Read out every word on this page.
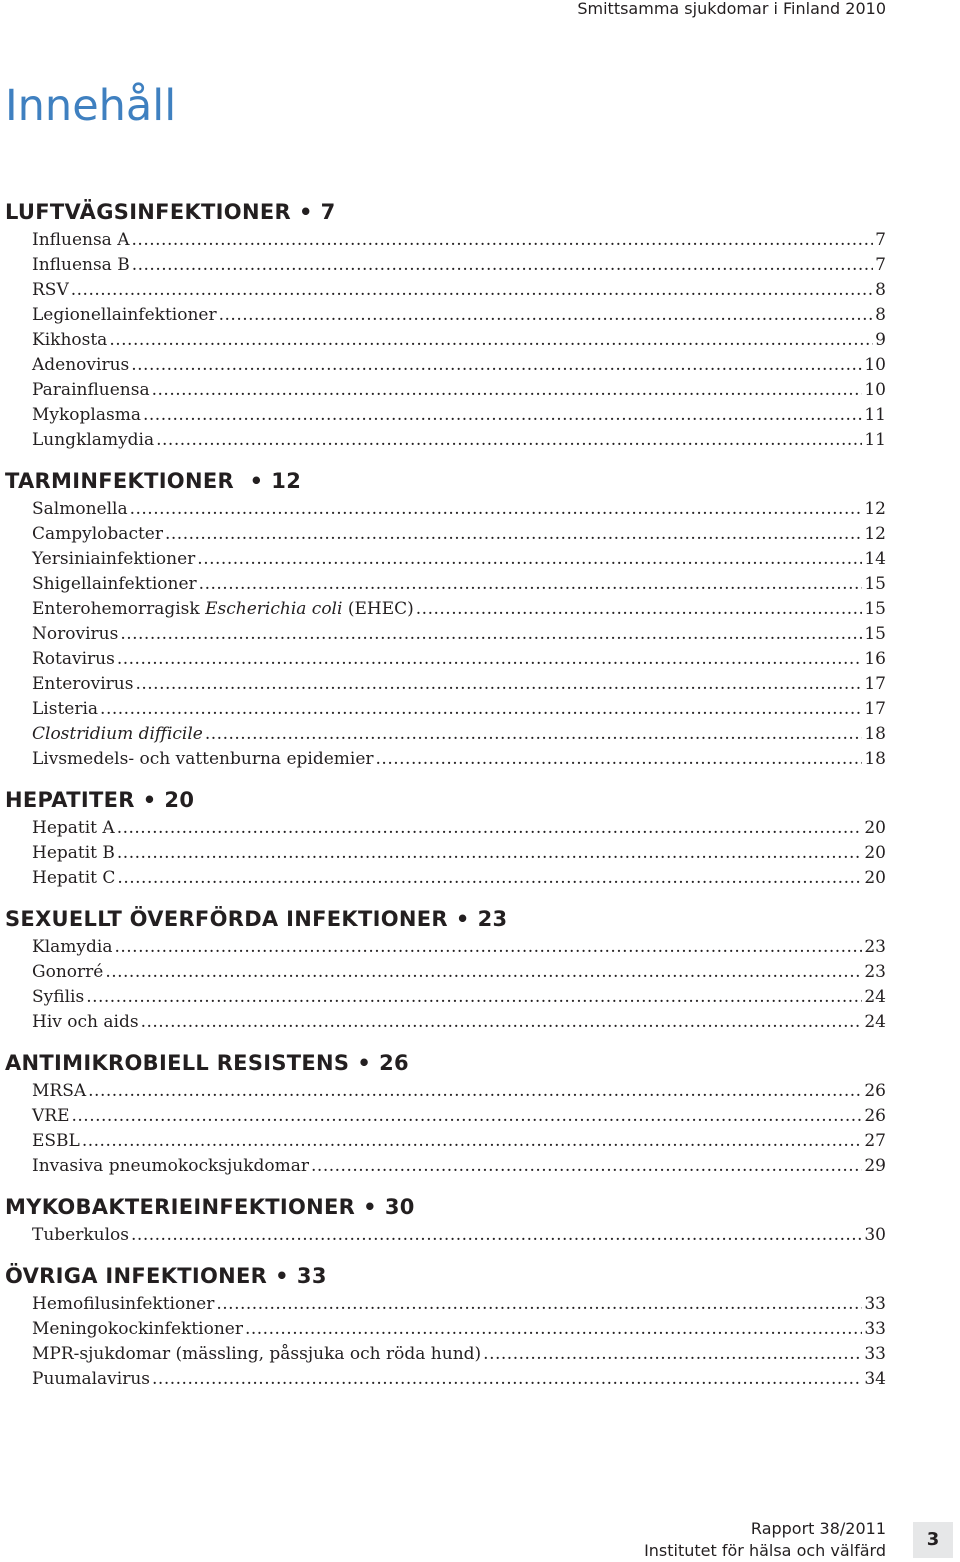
Smittsamma sjukdomar i Finland 2010
Innehåll
LUFTVÄGSINFEKTIONER • 7
Influensa A .....	7
Influensa B .....	7
RSV .....	8
Legionellainfektioner .....	8
Kikhosta .....	9
Adenovirus .....	10
Parainfluensa .....	10
Mykoplasma .....	11
Lungklamydia .....	11
TARMINFEKTIONER • 12
Salmonella .....	12
Campylobacter .....	12
Yersiniainfektioner .....	14
Shigellainfektioner .....	15
Enterohemorragisk Escherichia coli (EHEC) .....	15
Norovirus .....	15
Rotavirus .....	16
Enterovirus .....	17
Listeria .....	17
Clostridium difficile .....	18
Livsmedels- och vattenburna epidemier .....	18
HEPATITER • 20
Hepatit A .....	20
Hepatit B .....	20
Hepatit C .....	20
SEXUELLT ÖVERFÖRDA INFEKTIONER • 23
Klamydia .....	23
Gonorré .....	23
Syfilis .....	24
Hiv och aids .....	24
ANTIMIKROBIELL RESISTENS • 26
MRSA .....	26
VRE .....	26
ESBL .....	27
Invasiva pneumokocksjukdomar .....	29
MYKOBAKTERIEINFEKTIONER • 30
Tuberkulos .....	30
ÖVRIGA INFEKTIONER • 33
Hemofilusinfektioner .....	33
Meningokockinfektioner .....	33
MPR-sjukdomar (mässling, påssjuka och röda hund) .....	33
Puumalavirus .....	34
Rapport 38/2011
Institutet för hälsa och välfärd
3
